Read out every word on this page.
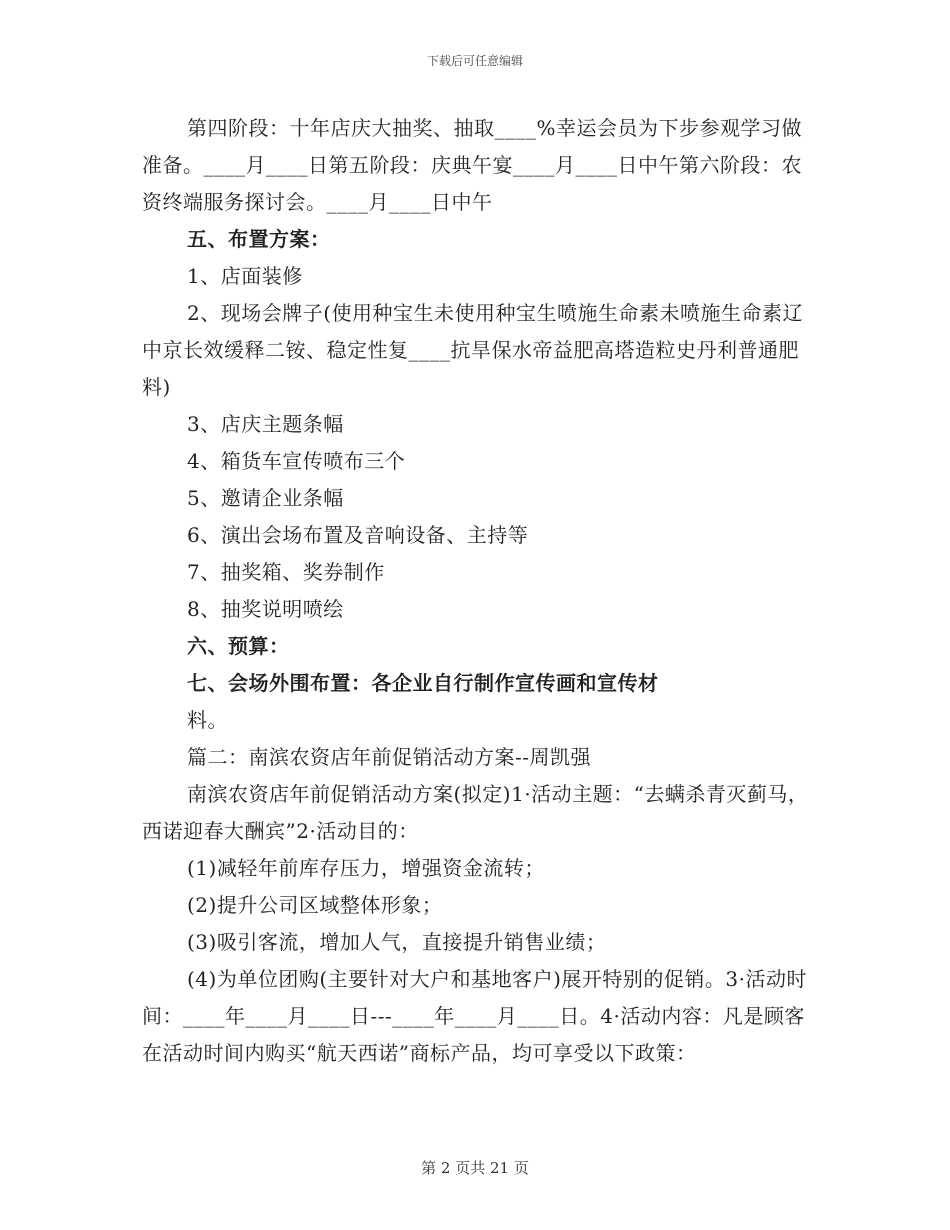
下载后可任意编辑

第四阶段：十年店庆大抽奖、抽取____%幸运会员为下步参观学习做准备。____月____日第五阶段：庆典午宴____月____日中午第六阶段：农资终端服务探讨会。____月____日中午

五、布置方案：

1、店面装修

2、现场会牌子(使用种宝生未使用种宝生喷施生命素未喷施生命素辽中京长效缓释二铵、稳定性复____抗旱保水帝益肥高塔造粒史丹利普通肥料)

3、店庆主题条幅

4、箱货车宣传喷布三个

5、邀请企业条幅

6、演出会场布置及音响设备、主持等

7、抽奖箱、奖券制作

8、抽奖说明喷绘

六、预算：

七、会场外围布置：各企业自行制作宣传画和宣传材

料。

篇二：南滨农资店年前促销活动方案--周凯强

南滨农资店年前促销活动方案(拟定)1·活动主题：“去螨杀青灭蓟马，西诺迎春大酬宾”2·活动目的：

(1)减轻年前库存压力，增强资金流转；

(2)提升公司区域整体形象；

(3)吸引客流，增加人气，直接提升销售业绩；

(4)为单位团购(主要针对大户和基地客户)展开特别的促销。3·活动时间：____年____月____日---____年____月____日。4·活动内容：凡是顾客在活动时间内购买“航天西诺”商标产品，均可享受以下政策：

第 2 页共 21 页
